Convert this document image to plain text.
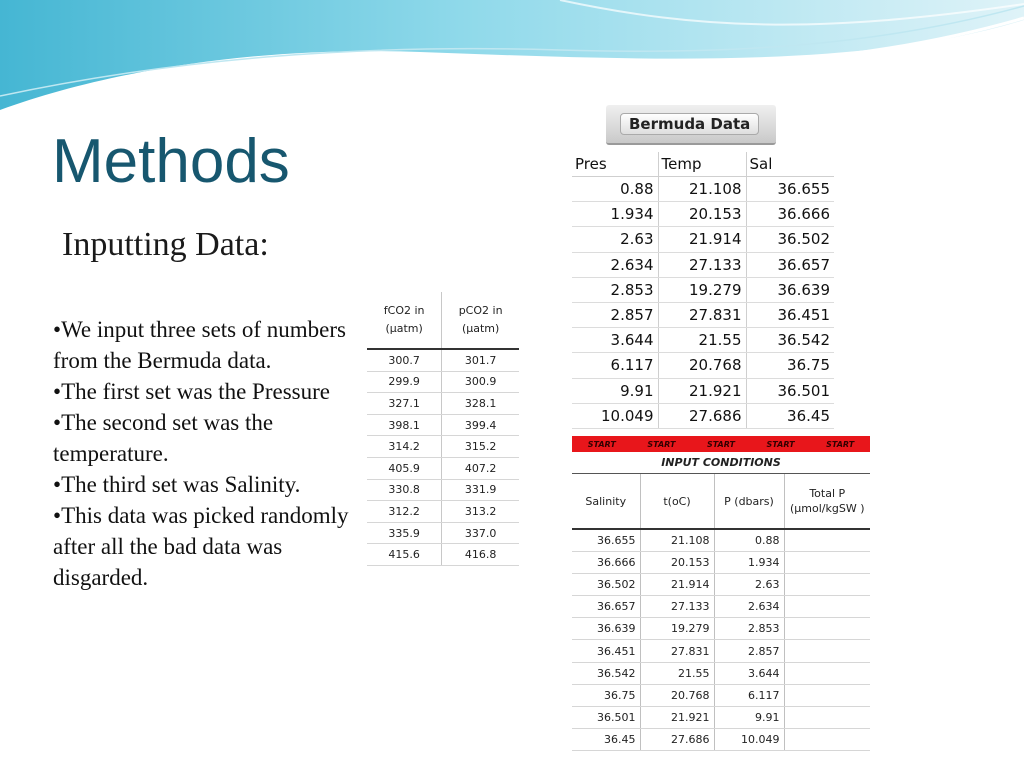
Methods
Inputting Data:
• We input three sets of numbers from the Bermuda data.
• The first set was the Pressure
• The second set was the temperature.
• The third set was Salinity.
• This data was picked randomly after all the bad data was disgarded.
fCO2 in (μatm)	pCO2 in (μatm)
300.7	301.7
299.9	300.9
327.1	328.1
398.1	399.4
314.2	315.2
405.9	407.2
330.8	331.9
312.2	313.2
335.9	337.0
415.6	416.8
Bermuda Data
Pres	Temp	Sal
0.88	21.108	36.655
1.934	20.153	36.666
2.63	21.914	36.502
2.634	27.133	36.657
2.853	19.279	36.639
2.857	27.831	36.451
3.644	21.55	36.542
6.117	20.768	36.75
9.91	21.921	36.501
10.049	27.686	36.45
START	START	START	START	START
INPUT CONDITIONS			
Salinity	t(oC)	P (dbars)	Total P (μmol/kgSW )
36.655	21.108	0.88	
36.666	20.153	1.934	
36.502	21.914	2.63	
36.657	27.133	2.634	
36.639	19.279	2.853	
36.451	27.831	2.857	
36.542	21.55	3.644	
36.75	20.768	6.117	
36.501	21.921	9.91	
36.45	27.686	10.049	
